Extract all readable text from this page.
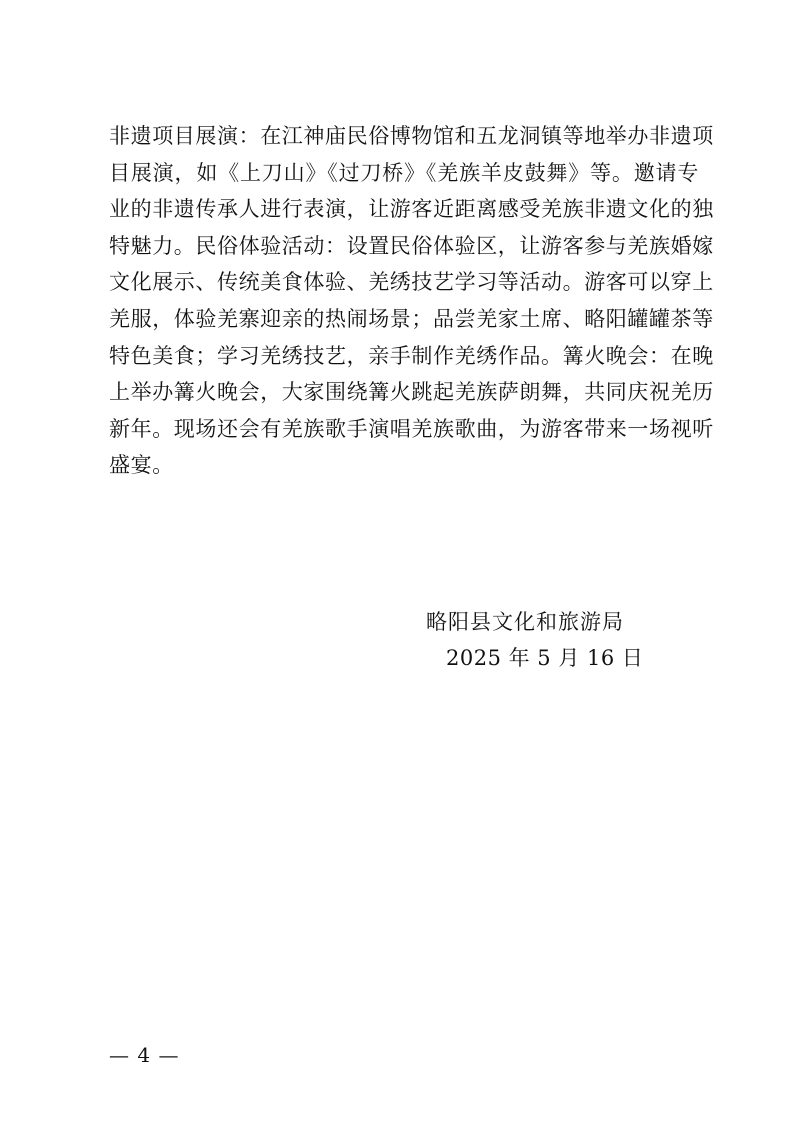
非遗项目展演：在江神庙民俗博物馆和五龙洞镇等地举办非遗项
目展演，如《上刀山》《过刀桥》《羌族羊皮鼓舞》等。邀请专
业的非遗传承人进行表演，让游客近距离感受羌族非遗文化的独
特魅力。民俗体验活动：设置民俗体验区，让游客参与羌族婚嫁
文化展示、传统美食体验、羌绣技艺学习等活动。游客可以穿上
羌服，体验羌寨迎亲的热闹场景；品尝羌家土席、略阳罐罐茶等
特色美食；学习羌绣技艺，亲手制作羌绣作品。篝火晚会：在晚
上举办篝火晚会，大家围绕篝火跳起羌族萨朗舞，共同庆祝羌历
新年。现场还会有羌族歌手演唱羌族歌曲，为游客带来一场视听
盛宴。
略阳县文化和旅游局
2025 年 5 月 16 日
— 4 —
